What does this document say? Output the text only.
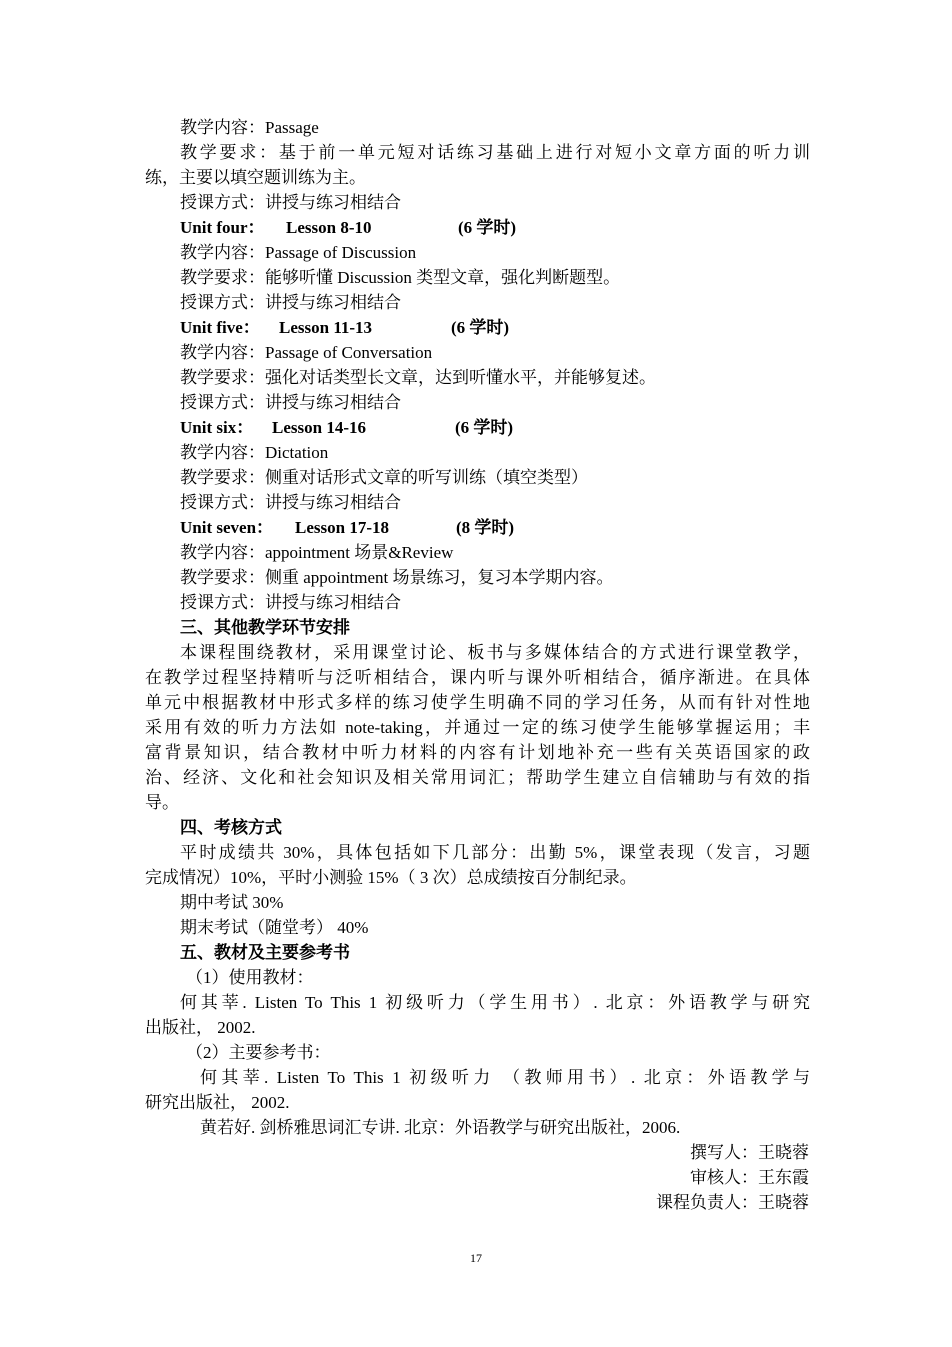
教学内容：Passage
教学要求：基于前一单元短对话练习基础上进行对短小文章方面的听力训
练，主要以填空题训练为主。
授课方式：讲授与练习相结合
Unit four： Lesson 8-10	(6 学时)
教学内容：Passage of Discussion
教学要求：能够听懂 Discussion 类型文章，强化判断题型。
授课方式：讲授与练习相结合
Unit five： Lesson 11-13	(6 学时)
教学内容：Passage of Conversation
教学要求：强化对话类型长文章，达到听懂水平，并能够复述。
授课方式：讲授与练习相结合
Unit six： Lesson 14-16	(6 学时)
教学内容：Dictation
教学要求：侧重对话形式文章的听写训练（填空类型）
授课方式：讲授与练习相结合
Unit seven： Lesson 17-18	(8 学时)
教学内容：appointment 场景&Review
教学要求：侧重 appointment 场景练习，复习本学期内容。
授课方式：讲授与练习相结合
三、其他教学环节安排
本课程围绕教材，采用课堂讨论、板书与多媒体结合的方式进行课堂教学，
在教学过程坚持精听与泛听相结合，课内听与课外听相结合，循序渐进。在具体
单元中根据教材中形式多样的练习使学生明确不同的学习任务，从而有针对性地
采用有效的听力方法如 note-taking，并通过一定的练习使学生能够掌握运用；丰
富背景知识，结合教材中听力材料的内容有计划地补充一些有关英语国家的政
治、经济、文化和社会知识及相关常用词汇；帮助学生建立自信辅助与有效的指
导。
四、考核方式
平时成绩共 30%，具体包括如下几部分：出勤 5%，课堂表现（发言，习题
完成情况）10%，平时小测验 15%（ 3 次）总成绩按百分制纪录。
期中考试 30%
期末考试（随堂考） 40%
五、教材及主要参考书
（1）使用教材：
何其莘. Listen To This 1 初级听力（学生用书）. 北京：外语教学与研究
出版社， 2002.
（2）主要参考书：
何其莘. Listen To This 1 初级听力 （教师用书）. 北京：外语教学与
研究出版社， 2002.
黄若好. 剑桥雅思词汇专讲. 北京：外语教学与研究出版社，2006.
撰写人：王晓蓉
审核人：王东霞
课程负责人：王晓蓉
17
